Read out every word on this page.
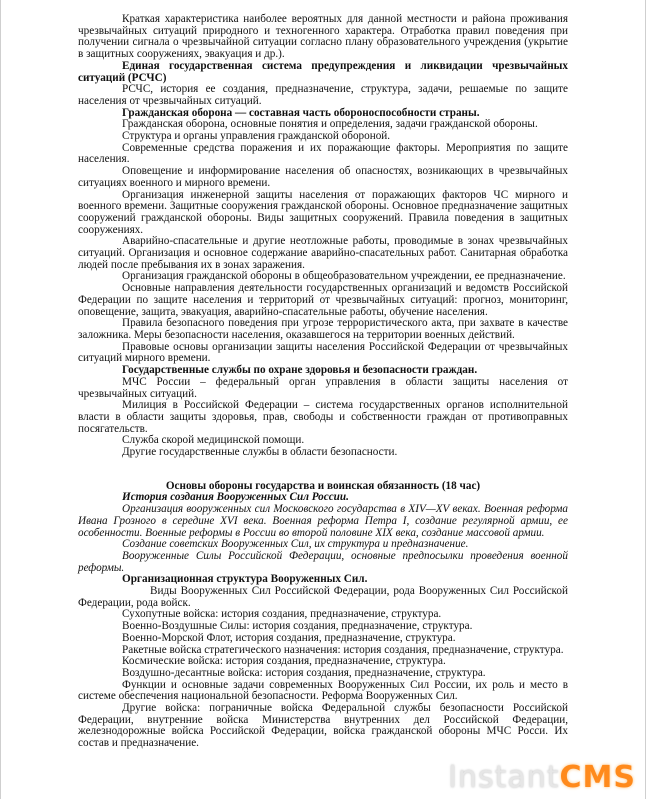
Краткая характеристика наиболее вероятных для данной местности и района проживания чрезвычайных ситуаций природного и техногенного характера. Отработка правил поведения при получении сигнала о чрезвычайной ситуации согласно плану образовательного учреждения (укрытие в защитных сооружениях, эвакуация и др.).

Единая государственная система предупреждения и ликвидации чрезвычайных ситуаций (РСЧС)

РСЧС, история ее создания, предназначение, структура, задачи, решаемые по защите населения от чрезвычайных ситуаций.

Гражданская оборона — составная часть обороноспособности страны.

Гражданская оборона, основные понятия и определения, задачи гражданской обороны.

Структура и органы управления гражданской обороной.

Современные средства поражения и их поражающие факторы. Мероприятия по защите населения.

Оповещение и информирование населения об опасностях, возникающих в чрезвычайных ситуациях военного и мирного времени.

Организация инженерной защиты населения от поражающих факторов ЧС мирного и военного времени. Защитные сооружения гражданской обороны. Основное предназначение защитных сооружений гражданской обороны. Виды защитных сооружений. Правила поведения в защитных сооружениях.

Аварийно-спасательные и другие неотложные работы, проводимые в зонах чрезвычайных ситуаций. Организация и основное содержание аварийно-спасательных работ. Санитарная обработка людей после пребывания их в зонах заражения.

Организация гражданской обороны в общеобразовательном учреждении, ее предназначение.

Основные направления деятельности государственных организаций и ведомств Российской Федерации по защите населения и территорий от чрезвычайных ситуаций: прогноз, мониторинг, оповещение, защита, эвакуация, аварийно-спасательные работы, обучение населения.

Правила безопасного поведения при угрозе террористического акта, при захвате в качестве заложника. Меры безопасности населения, оказавшегося на территории военных действий.

Правовые основы организации защиты населения Российской Федерации от чрезвычайных ситуаций мирного времени.

Государственные службы по охране здоровья и безопасности граждан.

МЧС России – федеральный орган управления в области защиты населения от чрезвычайных ситуаций.

Милиция в Российской Федерации – система государственных органов исполнительной власти в области защиты здоровья, прав, свободы и собственности граждан от противоправных посягательств.

Служба скорой медицинской помощи.

Другие государственные службы в области безопасности.

Основы обороны государства и воинская обязанность (18 час)

История создания Вооруженных Сил России.

Организация вооруженных сил Московского государства в XIV—XV веках. Военная реформа Ивана Грозного в середине XVI века. Военная реформа Петра I, создание регулярной армии, ее особенности. Военные реформы в России во второй половине XIX века, создание массовой армии.

Создание советских Вооруженных Сил, их структура и предназначение.

Вооруженные Силы Российской Федерации, основные предпосылки проведения военной реформы.

Организационная структура Вооруженных Сил.

Виды Вооруженных Сил Российской Федерации, рода Вооруженных Сил Российской Федерации, рода войск.

Сухопутные войска: история создания, предназначение, структура.

Военно-Воздушные Силы: история создания, предназначение, структура.

Военно-Морской Флот, история создания, предназначение, структура.

Ракетные войска стратегического назначения: история создания, предназначение, структура.

Космические войска: история создания, предназначение, структура.

Воздушно-десантные войска: история создания, предназначение, структура.

Функции и основные задачи современных Вооруженных Сил России, их роль и место в системе обеспечения национальной безопасности. Реформа Вооруженных Сил.

Другие войска: пограничные войска Федеральной службы безопасности Российской Федерации, внутренние войска Министерства внутренних дел Российской Федерации, железнодорожные войска Российской Федерации, войска гражданской обороны МЧС Росси. Их состав и предназначение.

Instant CMS
